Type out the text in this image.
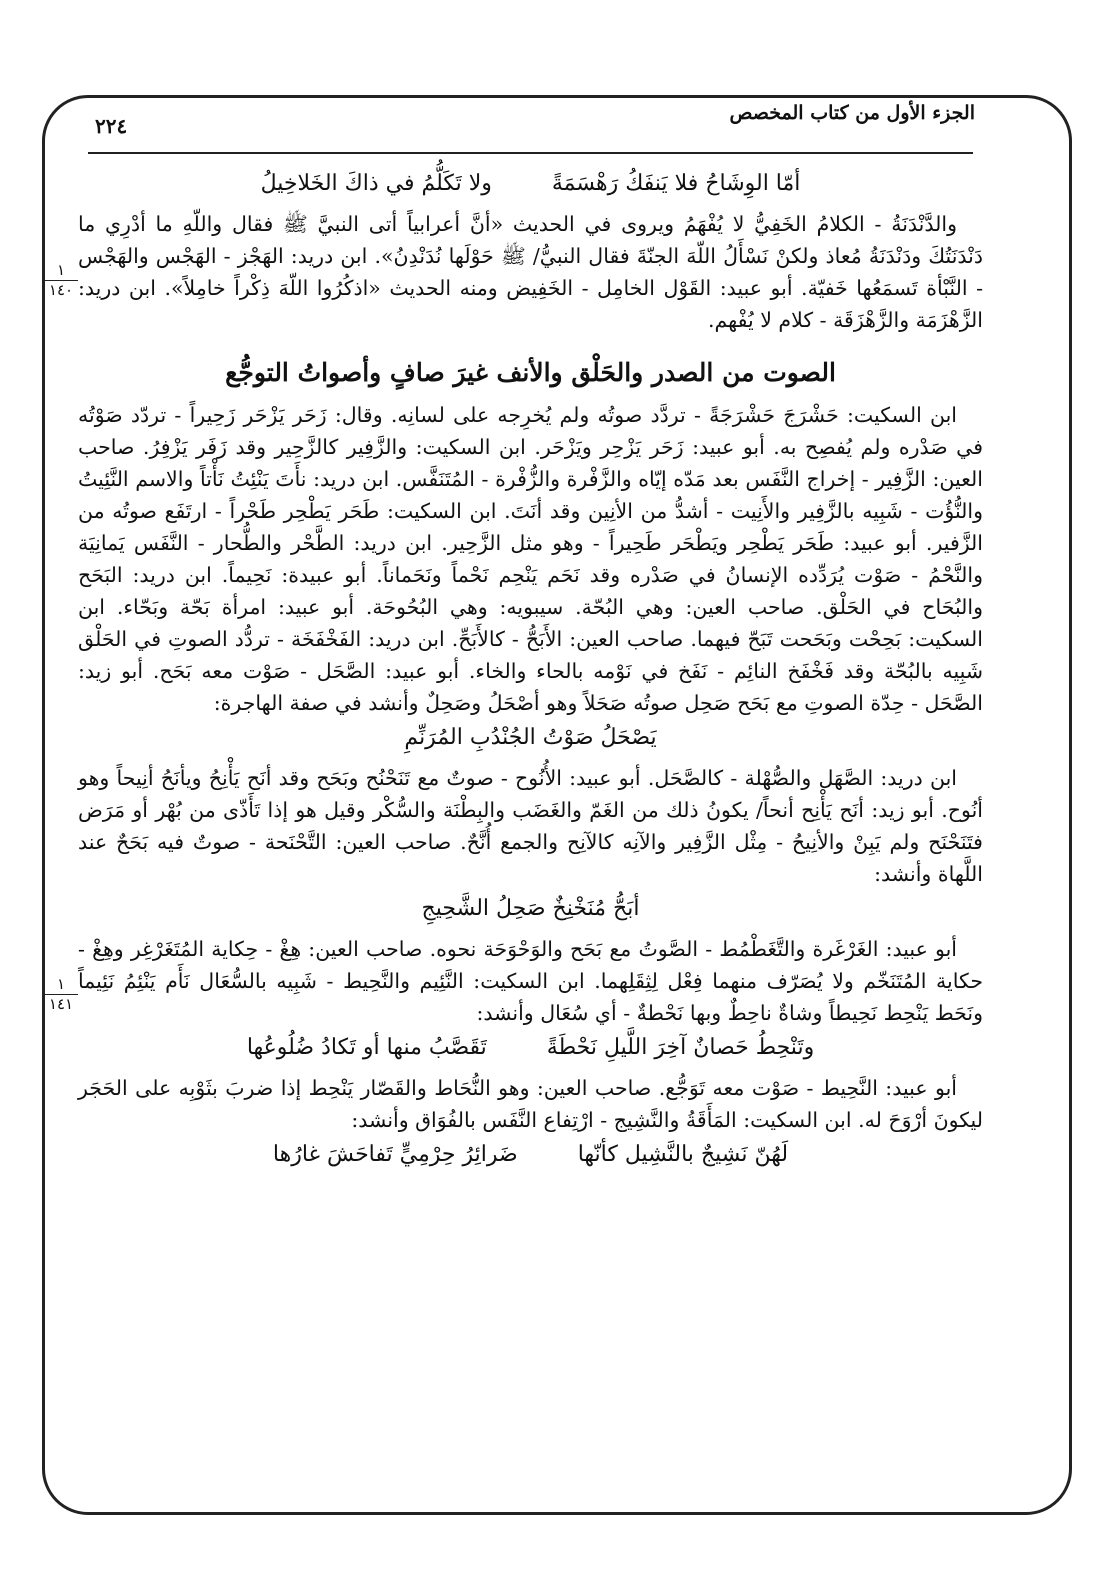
الجزء الأول من كتاب المخصص
٢٢٤
١
١٤٠
١
١٤١
أمّا الوِشَاحُ فلا يَنفَكُ رَهْسَمَةً
ولا تَكَلُّمُ في ذاكَ الخَلاخِيلُ

والدَّنْدَنَةُ - الكلامُ الخَفِيُّ لا يُفْهَمُ ويروى في الحديث «أنَّ أعرابياً أتى النبيَّ ﷺ فقال واللّهِ ما أدْرِي ما دَنْدَنَتُكَ ودَنْدَنَةُ مُعاذ ولكنْ نَسْأَلُ اللّهَ الجنّةَ فقال النبيُّ/ ﷺ حَوْلَها نُدَنْدِنُ». ابن دريد: الهَجْز - الهَجْس والهَجْس - النَّبْأة تَسمَعُها خَفيّة. أبو عبيد: القَوْل الخامِل - الخَفِيض ومنه الحديث «اذكُرُوا اللّهَ ذِكْراً خامِلاً». ابن دريد: الزَّهْزَمَة والزَّهْزَقَة - كلام لا يُفْهم.

الصوت من الصدر والحَلْق والأنف غيرَ صافٍ وأصواتُ التوجُّع

ابن السكيت: حَشْرَجَ حَشْرَجَةً - تردَّد صوتُه ولم يُخرِجه على لسانِه. وقال: زَحَر يَزْحَر زَحِيراً - تردّد صَوْتُه في صَدْره ولم يُفصِح به. أبو عبيد: زَحَر يَزْحِر ويَزْحَر. ابن السكيت: والزَّفِير كالزَّحِير وقد زَفَر يَزْفِرُ. صاحب العين: الزَّفِير - إخراج النَّفَس بعد مَدّه إيّاه والزَّفْرة والزُّفْرة - المُتَنَفَّس. ابن دريد: نأَتَ يَنْئِتُ نَأْتاً والاسم النَّئِيتُ والنُّؤُت - شَبِيه بالزَّفِير والأَنِيت - أشدُّ من الأنِين وقد أنَتَ. ابن السكيت: طَحَر يَطْحِر طَحْراً - ارتَفَع صوتُه من الزَّفير. أبو عبيد: طَحَر يَطْحِر ويَطْحَر طَحِيراً - وهو مثل الزَّحِير. ابن دريد: الطَّحْر والطُّحار - النَّفَس يَمانِيَة والنَّحْمُ - صَوْت يُرَدِّده الإنسانُ في صَدْره وقد نَحَم يَنْحِم نَحْماً ونَحَماناً. أبو عبيدة: نَحِيماً. ابن دريد: البَحَح والبُحَاح في الحَلْق. صاحب العين: وهي البُحّة. سيبويه: وهي البُحُوحَة. أبو عبيد: امرأة بَحّة وبَحّاء. ابن السكيت: بَحِحْت وبَحَحت تَبَحّ فيهما. صاحب العين: الأَبَحُّ - كالأَبَحِّ. ابن دريد: الفَخْفَخَة - تردُّد الصوتِ في الحَلْق شَبِيه بالبُحّة وقد فَخْفَخ النائِم - نَفَخ في نَوْمه بالحاء والخاء. أبو عبيد: الصَّحَل - صَوْت معه بَحَح. أبو زيد: الصَّحَل - حِدّة الصوتِ مع بَحَح صَحِل صوتُه صَحَلاً وهو أصْحَلُ وصَحِلٌ وأنشد في صفة الهاجرة:

يَصْحَلُ صَوْتُ الجُنْدُبِ المُرَنِّمِ

ابن دريد: الصَّهَل والصُّهْلة - كالصَّحَل. أبو عبيد: الأُنُوح - صوتٌ مع تَنَحْنُح وبَحَح وقد أنَح يَأْنِحُ ويأنَحُ أنِيحاً وهو أنُوح. أبو زيد: أنَح يَأْنِح أنحاً/ يكونُ ذلك من الغَمّ والغَضَب والبِطْنَة والسُّكْر وقيل هو إذا تَأَذّى من بُهْر أو مَرَض فتَنَحْنَح ولم يَبِنْ والأنِيحُ - مِثْل الزَّفِير والآنِه كالآنِح والجمع أُنَّحٌ. صاحب العين: التَّحْنَحة - صوتٌ فيه بَحَحٌ عند اللَّهاة وأنشد:

أبَحُّ مُنَخْنِخٌ صَحِلُ الشَّحِيجِ

أبو عبيد: الغَرْغَرة والتَّغَطْمُط - الصَّوتُ مع بَحَح والوَحْوَحَة نحوه. صاحب العين: هِغْ - حِكاية المُتَغَرْغِر وهِغْ - حكاية المُتَنَخّم ولا يُصَرّف منهما فِعْل لِثِقَلِهما. ابن السكيت: النَّئِيم والنَّحِيط - شَبِيه بالسُّعَال نَأَم يَنْئِمُ نَئِيماً ونَحَط يَنْحِط نَحِيطاً وشاةٌ ناحِطٌ وبها نَحْطةٌ - أي سُعَال وأنشد:

وتَنْحِطُ حَصانٌ آخِرَ اللَّيلِ نَحْطَةً
تَقَصَّبُ منها أو تَكادُ ضُلُوعُها

أبو عبيد: النَّحِيط - صَوْت معه تَوَجُّع. صاحب العين: وهو النُّحَاط والقَصّار يَنْحِط إذا ضربَ بثَوْبِه على الحَجَر ليكونَ أرْوَحَ له. ابن السكيت: المَأَقَةُ والنَّشِيج - ارْتِفاع النَّفَس بالفُوَاق وأنشد:

لَهُنّ نَشِيجٌ بالنَّشِيل كأنّها
ضَرائِرُ حِرْمِيٍّ تَفاحَشَ غارُها
